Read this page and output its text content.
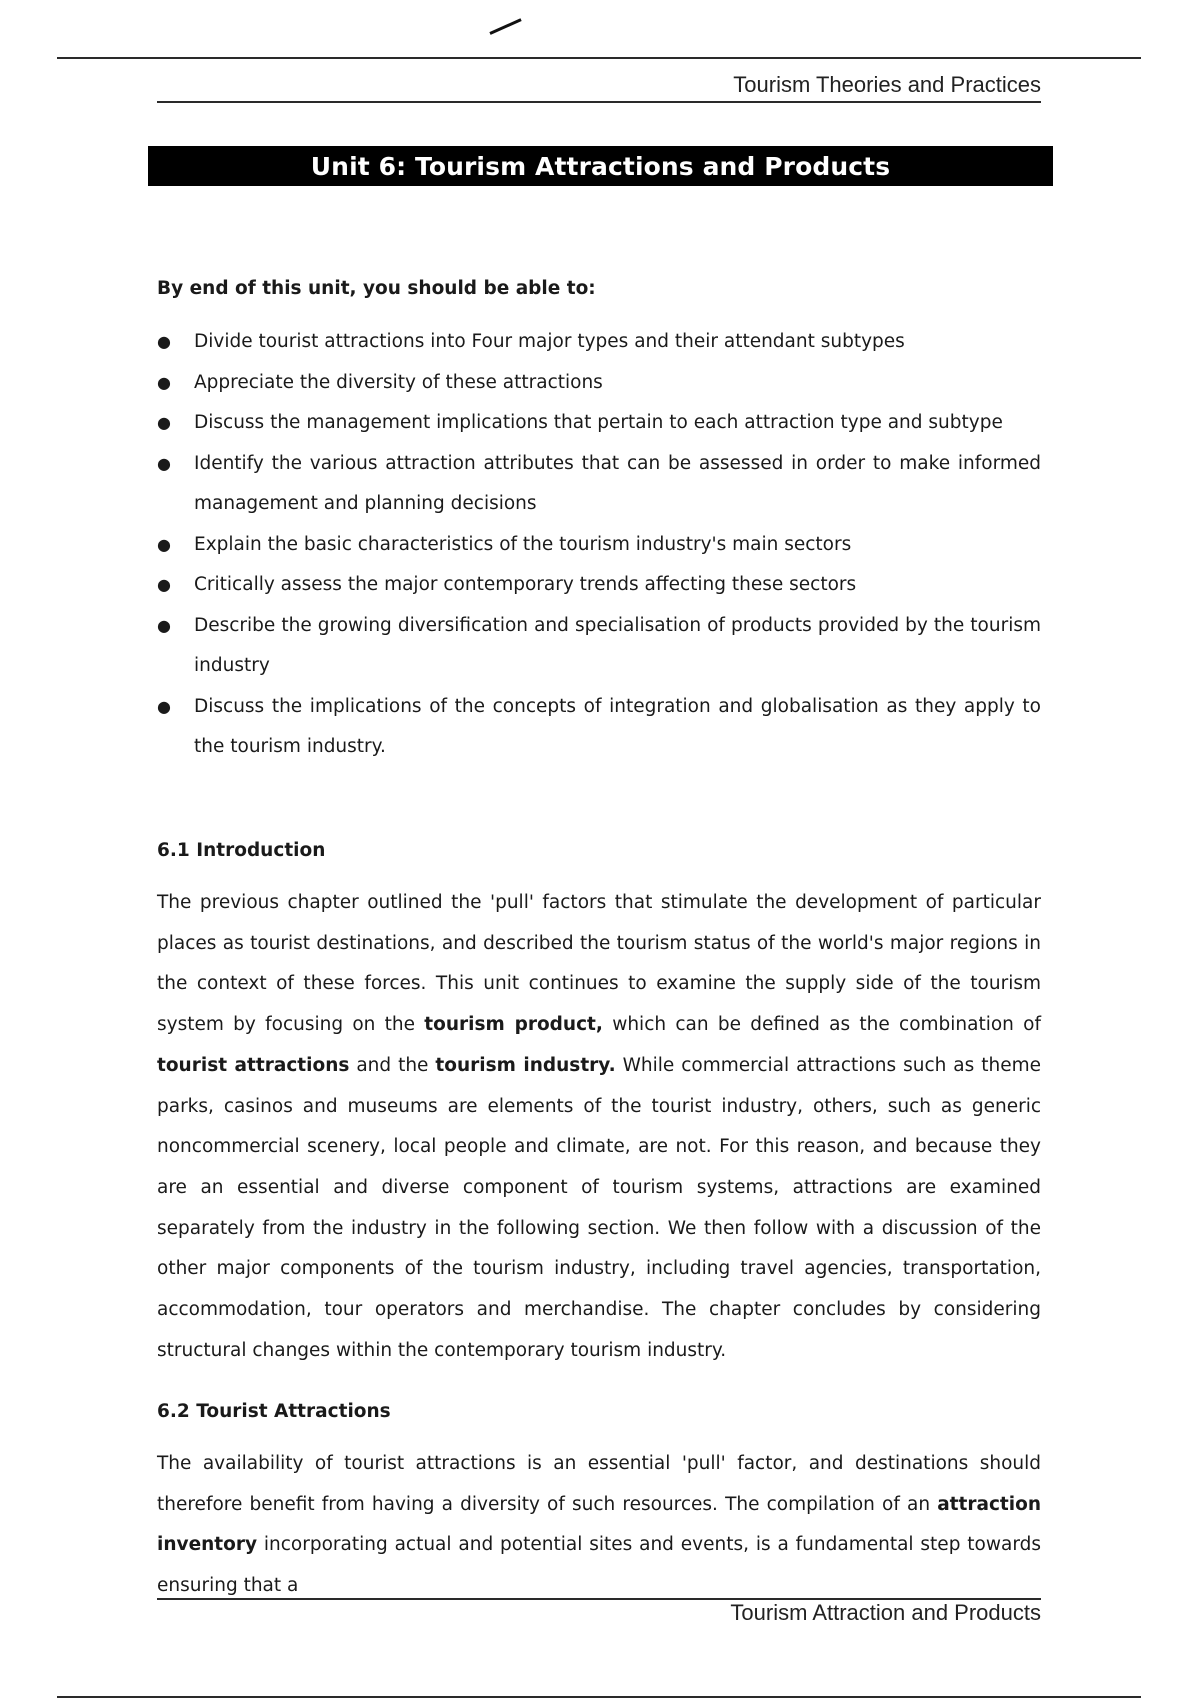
Tourism Theories and Practices
Unit 6: Tourism Attractions and Products
By end of this unit, you should be able to:
● Divide tourist attractions into Four major types and their attendant subtypes
● Appreciate the diversity of these attractions
● Discuss the management implications that pertain to each attraction type and subtype
● Identify the various attraction attributes that can be assessed in order to make informed management and planning decisions
● Explain the basic characteristics of the tourism industry's main sectors
● Critically assess the major contemporary trends affecting these sectors
● Describe the growing diversification and specialisation of products provided by the tourism industry
● Discuss the implications of the concepts of integration and globalisation as they apply to the tourism industry.
6.1 Introduction

The previous chapter outlined the 'pull' factors that stimulate the development of particular places as tourist destinations, and described the tourism status of the world's major regions in the context of these forces. This unit continues to examine the supply side of the tourism system by focusing on the tourism product, which can be defined as the combination of tourist attractions and the tourism industry. While commercial attractions such as theme parks, casinos and museums are elements of the tourist industry, others, such as generic noncommercial scenery, local people and climate, are not. For this reason, and because they are an essential and diverse component of tourism systems, attractions are examined separately from the industry in the following section. We then follow with a discussion of the other major components of the tourism industry, including travel agencies, transportation, accommodation, tour operators and merchandise. The chapter concludes by considering structural changes within the contemporary tourism industry.

6.2 Tourist Attractions

The availability of tourist attractions is an essential 'pull' factor, and destinations should therefore benefit from having a diversity of such resources. The compilation of an attraction inventory incorporating actual and potential sites and events, is a fundamental step towards ensuring that a

Tourism Attraction and Products
